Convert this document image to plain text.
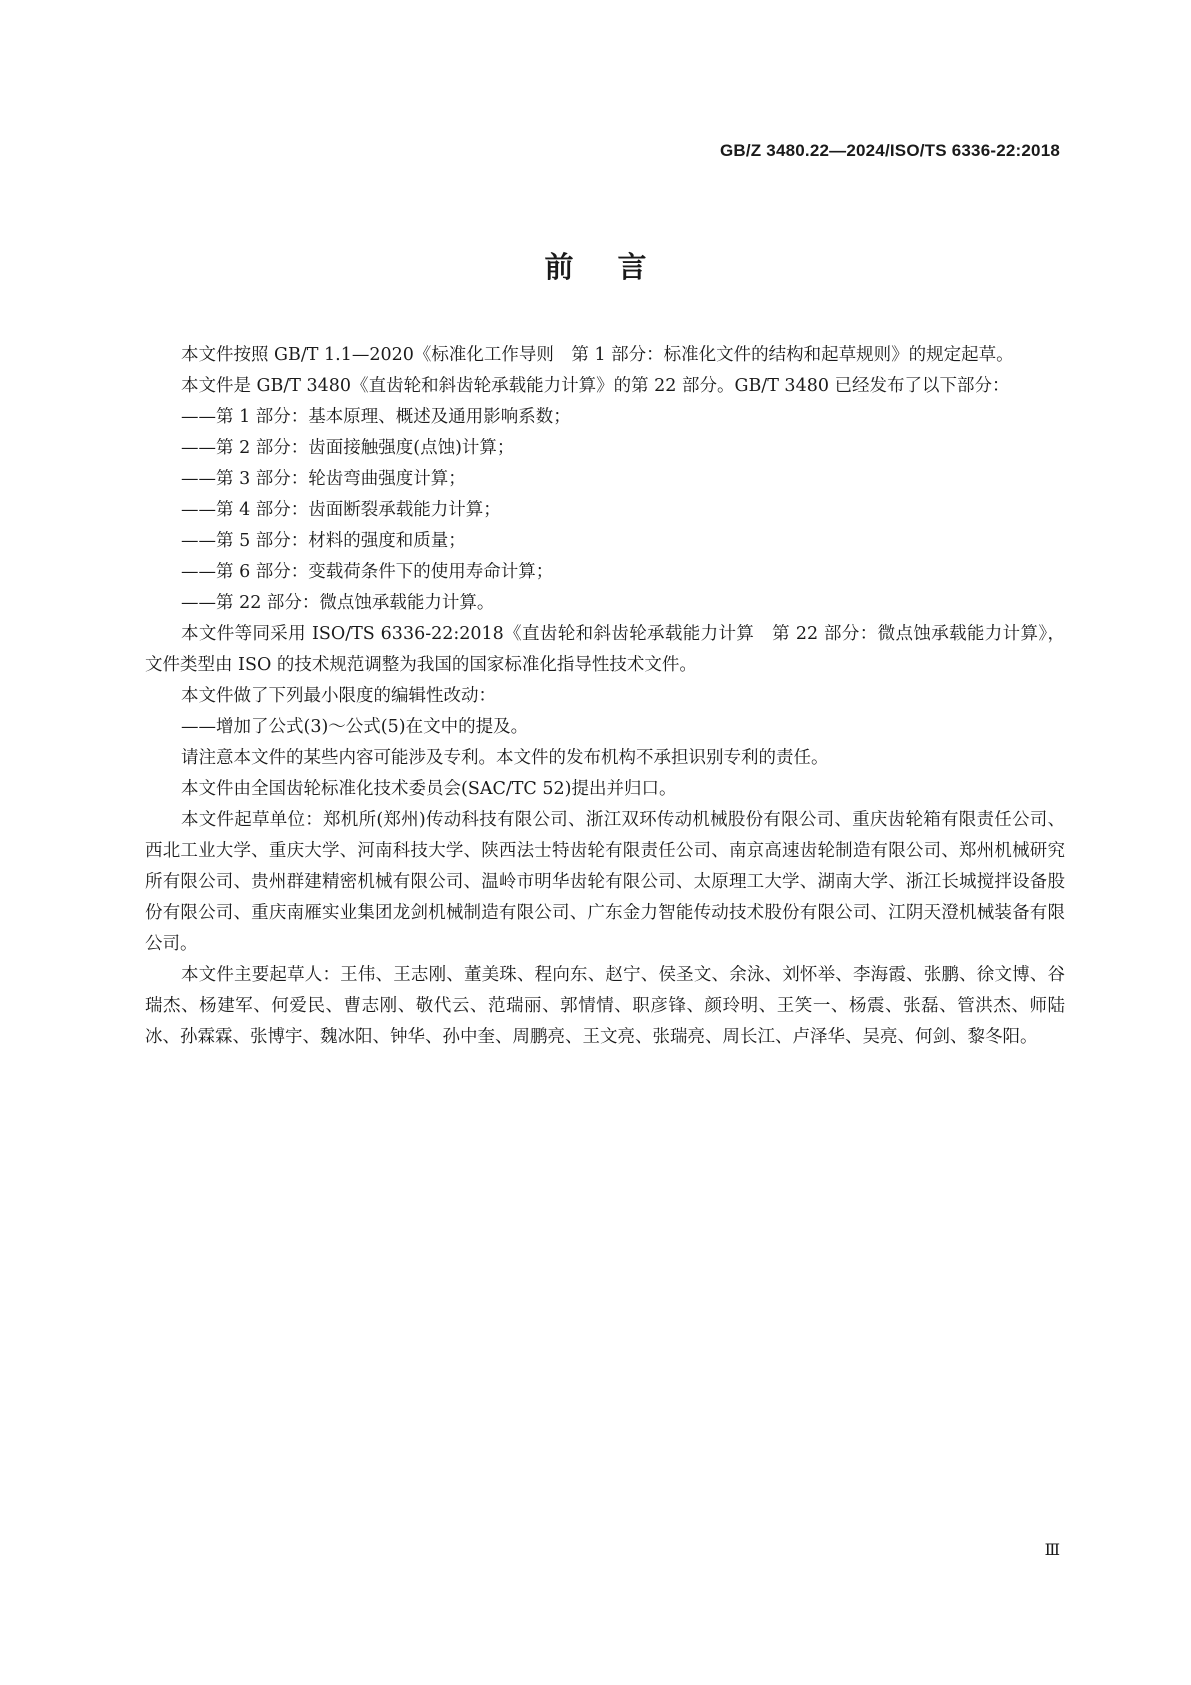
GB/Z 3480.22—2024/ISO/TS 6336-22:2018
前言

本文件按照 GB/T 1.1—2020《标准化工作导则　第 1 部分：标准化文件的结构和起草规则》的规定起草。

本文件是 GB/T 3480《直齿轮和斜齿轮承载能力计算》的第 22 部分。GB/T 3480 已经发布了以下部分：

——第 1 部分：基本原理、概述及通用影响系数；

——第 2 部分：齿面接触强度(点蚀)计算；

——第 3 部分：轮齿弯曲强度计算；

——第 4 部分：齿面断裂承载能力计算；

——第 5 部分：材料的强度和质量；

——第 6 部分：变载荷条件下的使用寿命计算；

——第 22 部分：微点蚀承载能力计算。

本文件等同采用 ISO/TS 6336-22:2018《直齿轮和斜齿轮承载能力计算　第 22 部分：微点蚀承载能力计算》，文件类型由 ISO 的技术规范调整为我国的国家标准化指导性技术文件。

本文件做了下列最小限度的编辑性改动：

——增加了公式(3)～公式(5)在文中的提及。

请注意本文件的某些内容可能涉及专利。本文件的发布机构不承担识别专利的责任。

本文件由全国齿轮标准化技术委员会(SAC/TC 52)提出并归口。

本文件起草单位：郑机所(郑州)传动科技有限公司、浙江双环传动机械股份有限公司、重庆齿轮箱有限责任公司、西北工业大学、重庆大学、河南科技大学、陕西法士特齿轮有限责任公司、南京高速齿轮制造有限公司、郑州机械研究所有限公司、贵州群建精密机械有限公司、温岭市明华齿轮有限公司、太原理工大学、湖南大学、浙江长城搅拌设备股份有限公司、重庆南雁实业集团龙剑机械制造有限公司、广东金力智能传动技术股份有限公司、江阴天澄机械装备有限公司。

本文件主要起草人：王伟、王志刚、董美珠、程向东、赵宁、侯圣文、余泳、刘怀举、李海霞、张鹏、徐文博、谷瑞杰、杨建军、何爱民、曹志刚、敬代云、范瑞丽、郭情情、职彦锋、颜玲明、王笑一、杨震、张磊、管洪杰、师陆冰、孙霖霖、张博宇、魏冰阳、钟华、孙中奎、周鹏亮、王文亮、张瑞亮、周长江、卢泽华、吴亮、何剑、黎冬阳。

Ⅲ
